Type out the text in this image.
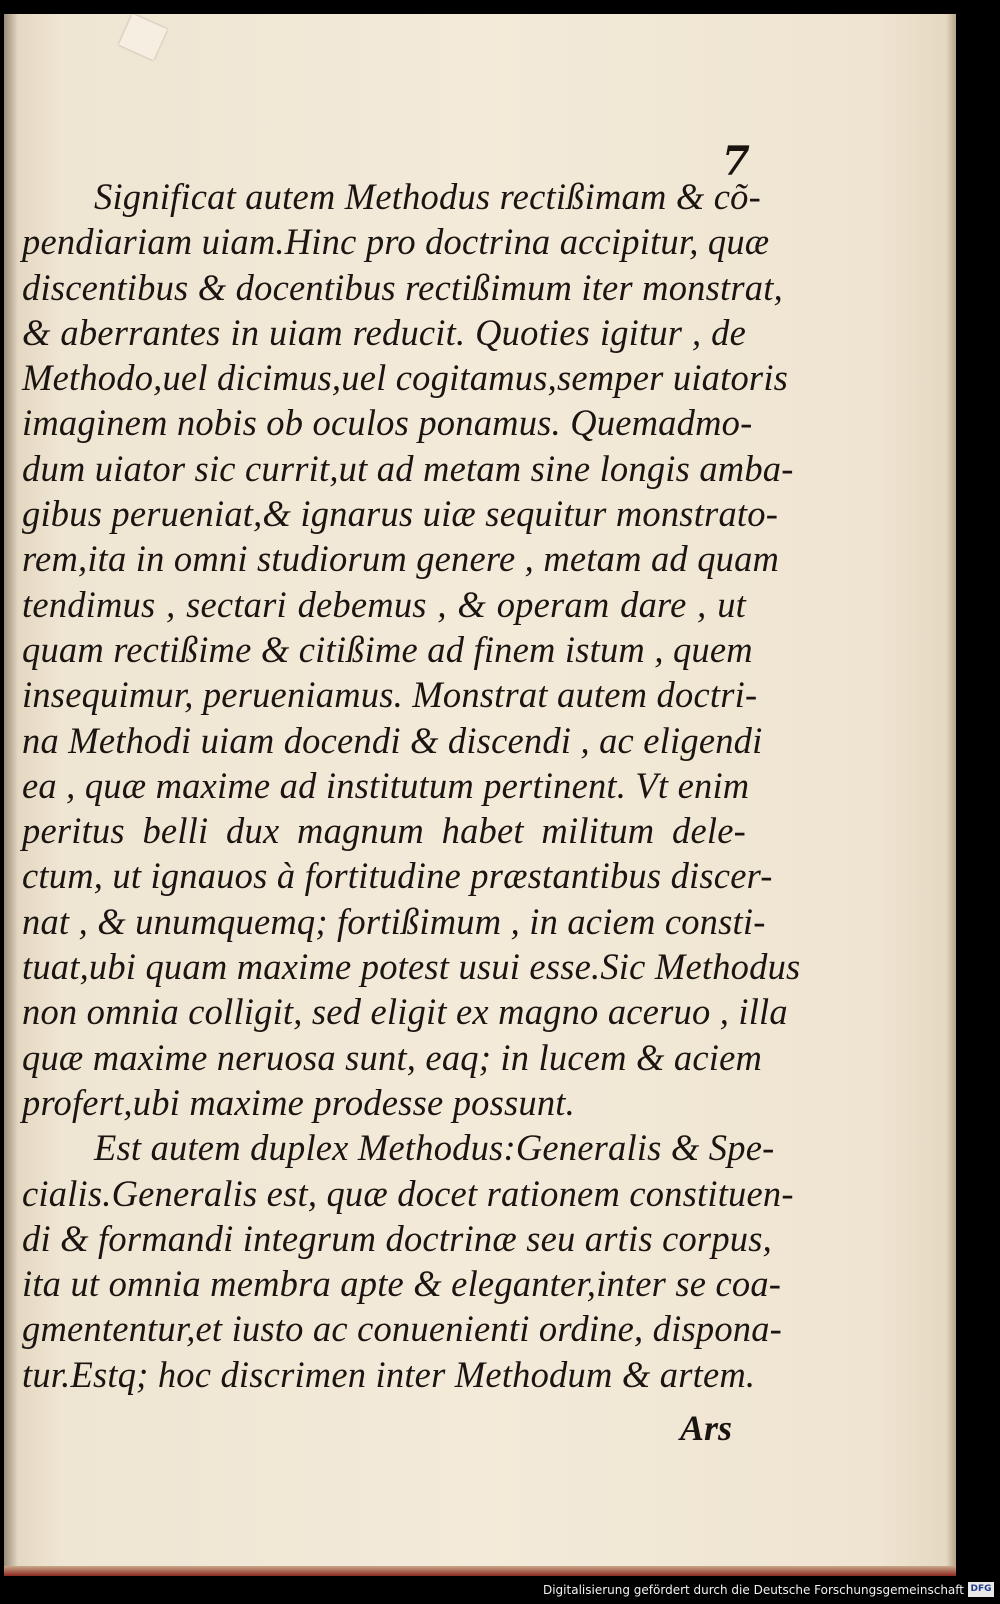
7
Significat autem Methodus rectißimam & cõ-
pendiariam uiam.Hinc pro doctrina accipitur, quæ
discentibus & docentibus rectißimum iter monstrat,
& aberrantes in uiam reducit. Quoties igitur , de
Methodo,uel dicimus,uel cogitamus,semper uiatoris
imaginem nobis ob oculos ponamus. Quemadmo-
dum uiator sic currit,ut ad metam sine longis amba-
gibus perueniat,& ignarus uiæ sequitur monstrato-
rem,ita in omni studiorum genere , metam ad quam
tendimus , sectari debemus , & operam dare , ut
quam rectißime & citißime ad finem istum , quem
insequimur, perueniamus. Monstrat autem doctri-
na Methodi uiam docendi & discendi , ac eligendi
ea , quæ maxime ad institutum pertinent. Vt enim
peritus belli dux magnum habet militum dele-
ctum, ut ignauos à fortitudine præstantibus discer-
nat , & unumquemq; fortißimum , in aciem consti-
tuat,ubi quam maxime potest usui esse.Sic Methodus
non omnia colligit, sed eligit ex magno aceruo , illa
quæ maxime neruosa sunt, eaq; in lucem & aciem
profert,ubi maxime prodesse possunt.
Est autem duplex Methodus:Generalis & Spe-
cialis.Generalis est, quæ docet rationem constituen-
di & formandi integrum doctrinæ seu artis corpus,
ita ut omnia membra apte & eleganter,inter se coa-
gmententur,et iusto ac conuenienti ordine, dispona-
tur.Estq; hoc discrimen inter Methodum & artem.
Ars
Digitalisierung gefördert durch die Deutsche Forschungsgemeinschaft DFG
